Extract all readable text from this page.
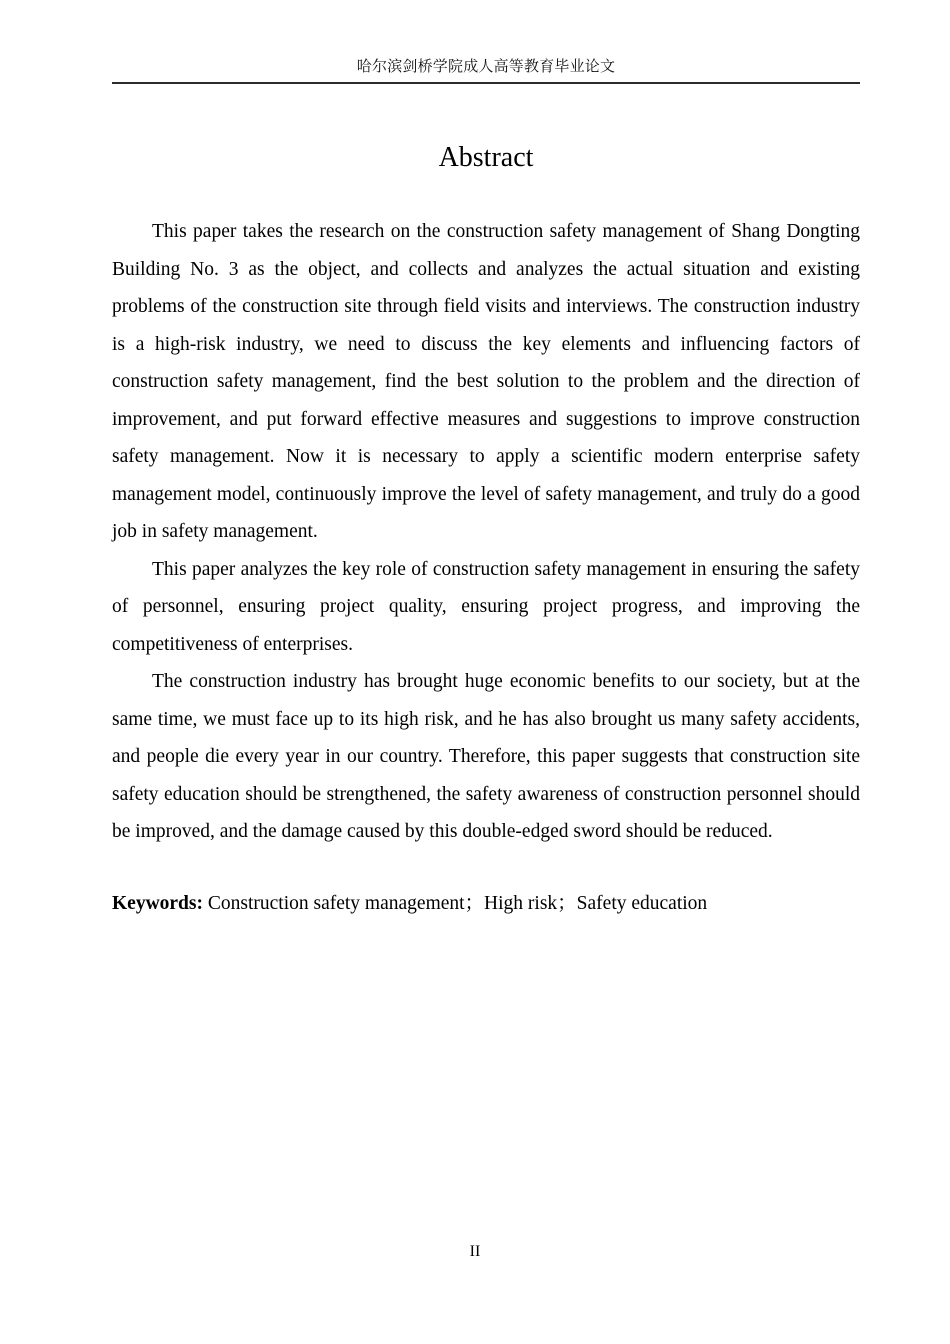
哈尔滨剑桥学院成人高等教育毕业论文
Abstract

This paper takes the research on the construction safety management of Shang Dongting Building No. 3 as the object, and collects and analyzes the actual situation and existing problems of the construction site through field visits and interviews. The construction industry is a high-risk industry, we need to discuss the key elements and influencing factors of construction safety management, find the best solution to the problem and the direction of improvement, and put forward effective measures and suggestions to improve construction safety management. Now it is necessary to apply a scientific modern enterprise safety management model, continuously improve the level of safety management, and truly do a good job in safety management.

This paper analyzes the key role of construction safety management in ensuring the safety of personnel, ensuring project quality, ensuring project progress, and improving the competitiveness of enterprises.

The construction industry has brought huge economic benefits to our society, but at the same time, we must face up to its high risk, and he has also brought us many safety accidents, and people die every year in our country. Therefore, this paper suggests that construction site safety education should be strengthened, the safety awareness of construction personnel should be improved, and the damage caused by this double-edged sword should be reduced.

Keywords: Construction safety management；High risk；Safety education
II
